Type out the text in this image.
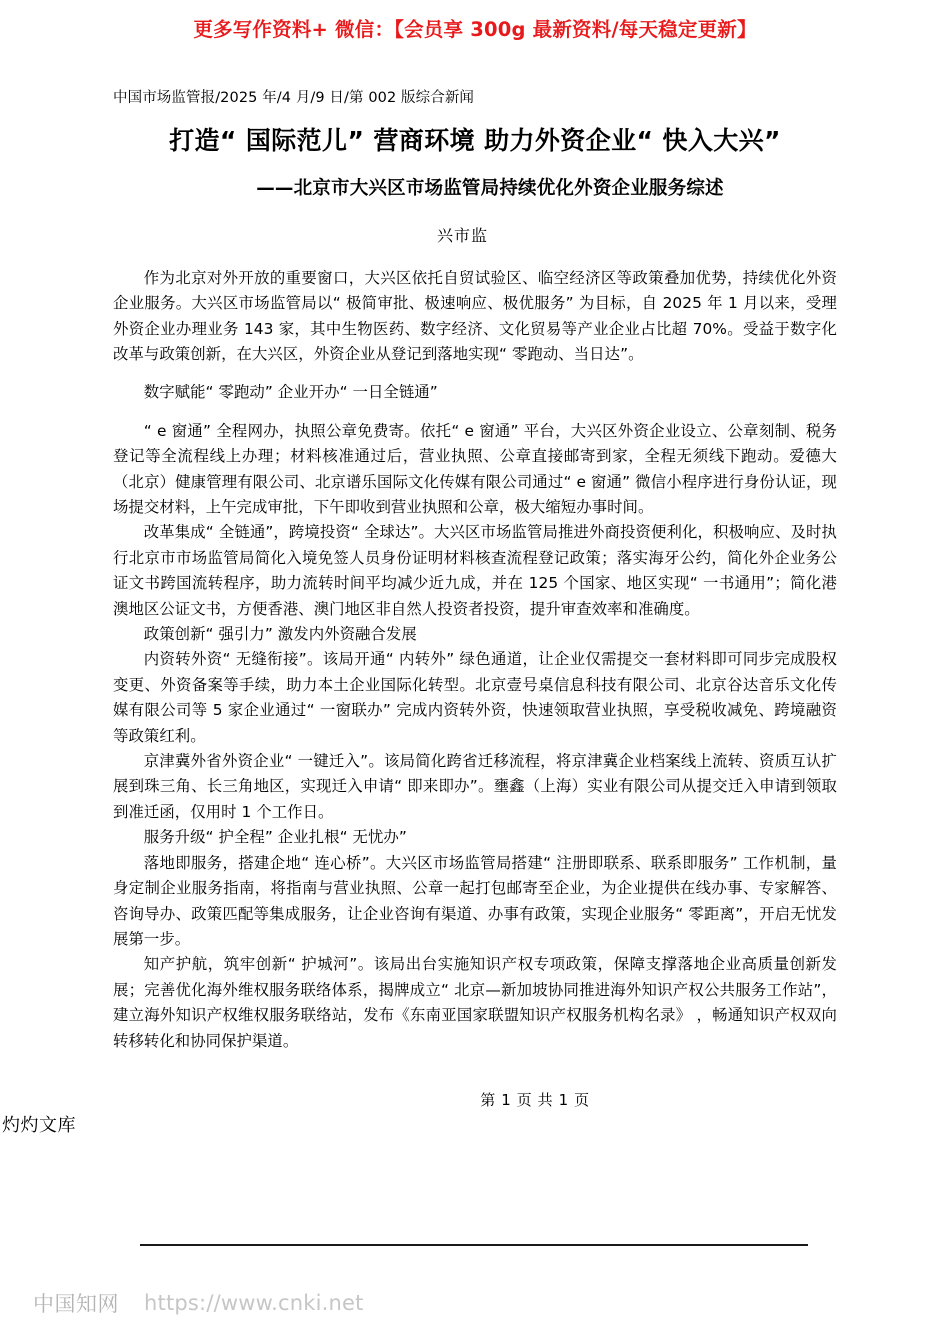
更多写作资料+ 微信：【会员享 300g 最新资料/每天稳定更新】
中国市场监管报/2025 年/4 月/9 日/第 002 版综合新闻
打造“ 国际范儿” 营商环境 助力外资企业“ 快入大兴”
——北京市大兴区市场监管局持续优化外资企业服务综述
兴市监

作为北京对外开放的重要窗口，大兴区依托自贸试验区、临空经济区等政策叠加优势，持续优化外资企业服务。大兴区市场监管局以“ 极简审批、极速响应、极优服务” 为目标，自 2025 年 1 月以来，受理外资企业办理业务 143 家，其中生物医药、数字经济、文化贸易等产业企业占比超 70%。受益于数字化改革与政策创新，在大兴区，外资企业从登记到落地实现“ 零跑动、当日达”。

数字赋能“ 零跑动” 企业开办“ 一日全链通”

“ e 窗通” 全程网办，执照公章免费寄。依托“ e 窗通” 平台，大兴区外资企业设立、公章刻制、税务登记等全流程线上办理；材料核准通过后，营业执照、公章直接邮寄到家，全程无须线下跑动。爱德大（北京）健康管理有限公司、北京谱乐国际文化传媒有限公司通过“ e 窗通” 微信小程序进行身份认证，现场提交材料，上午完成审批，下午即收到营业执照和公章，极大缩短办事时间。

改革集成“ 全链通”，跨境投资“ 全球达”。大兴区市场监管局推进外商投资便利化，积极响应、及时执行北京市市场监管局简化入境免签人员身份证明材料核查流程登记政策；落实海牙公约，简化外企业务公证文书跨国流转程序，助力流转时间平均减少近九成，并在 125 个国家、地区实现“ 一书通用”；简化港澳地区公证文书，方便香港、澳门地区非自然人投资者投资，提升审查效率和准确度。

政策创新“ 强引力” 激发内外资融合发展

内资转外资“ 无缝衔接”。该局开通“ 内转外” 绿色通道，让企业仅需提交一套材料即可同步完成股权变更、外资备案等手续，助力本土企业国际化转型。北京壹号桌信息科技有限公司、北京谷达音乐文化传媒有限公司等 5 家企业通过“ 一窗联办” 完成内资转外资，快速领取营业执照，享受税收减免、跨境融资等政策红利。

京津冀外省外资企业“ 一键迁入”。该局简化跨省迁移流程，将京津冀企业档案线上流转、资质互认扩展到珠三角、长三角地区，实现迁入申请“ 即来即办”。壅鑫（上海）实业有限公司从提交迁入申请到领取到准迁函，仅用时 1 个工作日。

服务升级“ 护全程” 企业扎根“ 无忧办”

落地即服务，搭建企地“ 连心桥”。大兴区市场监管局搭建“ 注册即联系、联系即服务” 工作机制，量身定制企业服务指南，将指南与营业执照、公章一起打包邮寄至企业，为企业提供在线办事、专家解答、咨询导办、政策匹配等集成服务，让企业咨询有渠道、办事有政策，实现企业服务“ 零距离”，开启无忧发展第一步。

知产护航，筑牢创新“ 护城河”。该局出台实施知识产权专项政策，保障支撑落地企业高质量创新发展；完善优化海外维权服务联络体系，揭牌成立“ 北京—新加坡协同推进海外知识产权公共服务工作站”，建立海外知识产权维权服务联络站，发布《东南亚国家联盟知识产权服务机构名录》 ，畅通知识产权双向转移转化和协同保护渠道。

第 1 页 共 1 页
灼灼文库
中国知网 https://www.cnki.net
